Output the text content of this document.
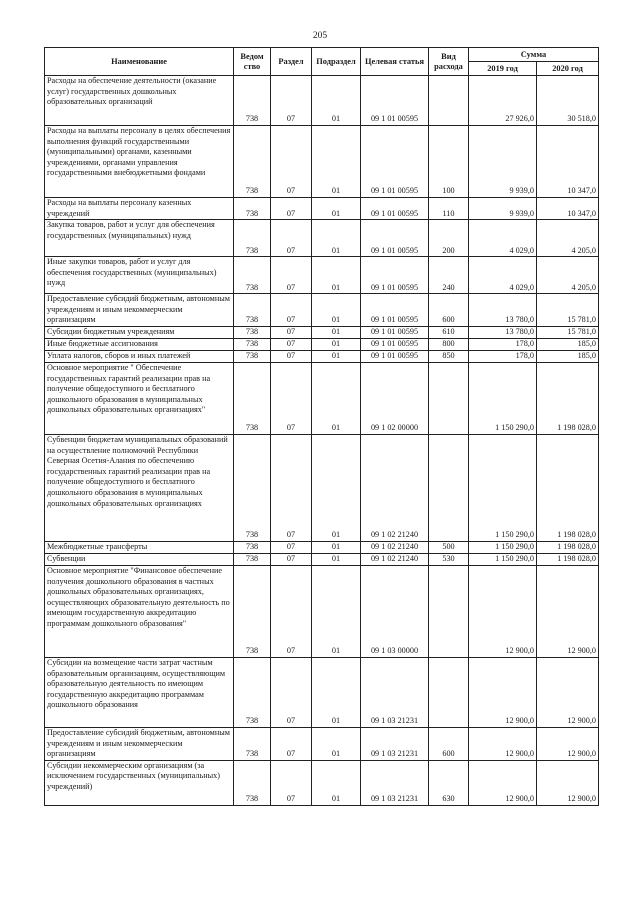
205
Наименование	Ведом ство	Раздел	Подраздел	Целевая статья	Вид расхода	Сумма	
						2019 год	2020 год
Расходы на обеспечение деятельности (оказание услуг) государственных дошкольных образовательных организаций	738	07	01	09 1 01 00595		27 926,0	30 518,0
Расходы на выплаты персоналу в целях обеспечения выполнения функций государственными (муниципальными) органами, казенными учреждениями, органами управления государственными внебюджетными фондами	738	07	01	09 1 01 00595	100	9 939,0	10 347,0
Расходы на выплаты персоналу казенных учреждений	738	07	01	09 1 01 00595	110	9 939,0	10 347,0
Закупка товаров, работ и услуг для обеспечения государственных (муниципальных) нужд	738	07	01	09 1 01 00595	200	4 029,0	4 205,0
Иные закупки товаров, работ и услуг для обеспечения государственных (муниципальных) нужд	738	07	01	09 1 01 00595	240	4 029,0	4 205,0
Предоставление субсидий бюджетным, автономным учреждениям и иным некоммерческим организациям	738	07	01	09 1 01 00595	600	13 780,0	15 781,0
Субсидии бюджетным учреждениям	738	07	01	09 1 01 00595	610	13 780,0	15 781,0
Иные бюджетные ассигнования	738	07	01	09 1 01 00595	800	178,0	185,0
Уплата налогов, сборов и иных платежей	738	07	01	09 1 01 00595	850	178,0	185,0
Основное мероприятие " Обеспечение государственных гарантий реализации прав на получение общедоступного и бесплатного дошкольного образования в муниципальных дошкольных образовательных организациях"	738	07	01	09 1 02 00000		1 150 290,0	1 198 028,0
Субвенции бюджетам муниципальных образований на осуществление полномочий Республики Северная Осетия-Алания по обеспечению государственных гарантий реализации прав на получение общедоступного и бесплатного дошкольного образования в муниципальных дошкольных образовательных организациях	738	07	01	09 1 02 21240		1 150 290,0	1 198 028,0
Межбюджетные трансферты	738	07	01	09 1 02 21240	500	1 150 290,0	1 198 028,0
Субвенции	738	07	01	09 1 02 21240	530	1 150 290,0	1 198 028,0
Основное мероприятие "Финансовое обеспечение получения дошкольного образования в частных дошкольных образовательных организациях, осуществляющих образовательную деятельность по имеющим государственную аккредитацию программам дошкольного образования"	738	07	01	09 1 03 00000		12 900,0	12 900,0
Субсидии на возмещение части затрат частным образовательным организациям, осуществляющим образовательную деятельность по имеющим государственную аккредитацию программам дошкольного образования	738	07	01	09 1 03 21231		12 900,0	12 900,0
Предоставление субсидий бюджетным, автономным учреждениям и иным некоммерческим организациям	738	07	01	09 1 03 21231	600	12 900,0	12 900,0
Субсидии некоммерческим организациям (за исключением государственных (муниципальных) учреждений)	738	07	01	09 1 03 21231	630	12 900,0	12 900,0
